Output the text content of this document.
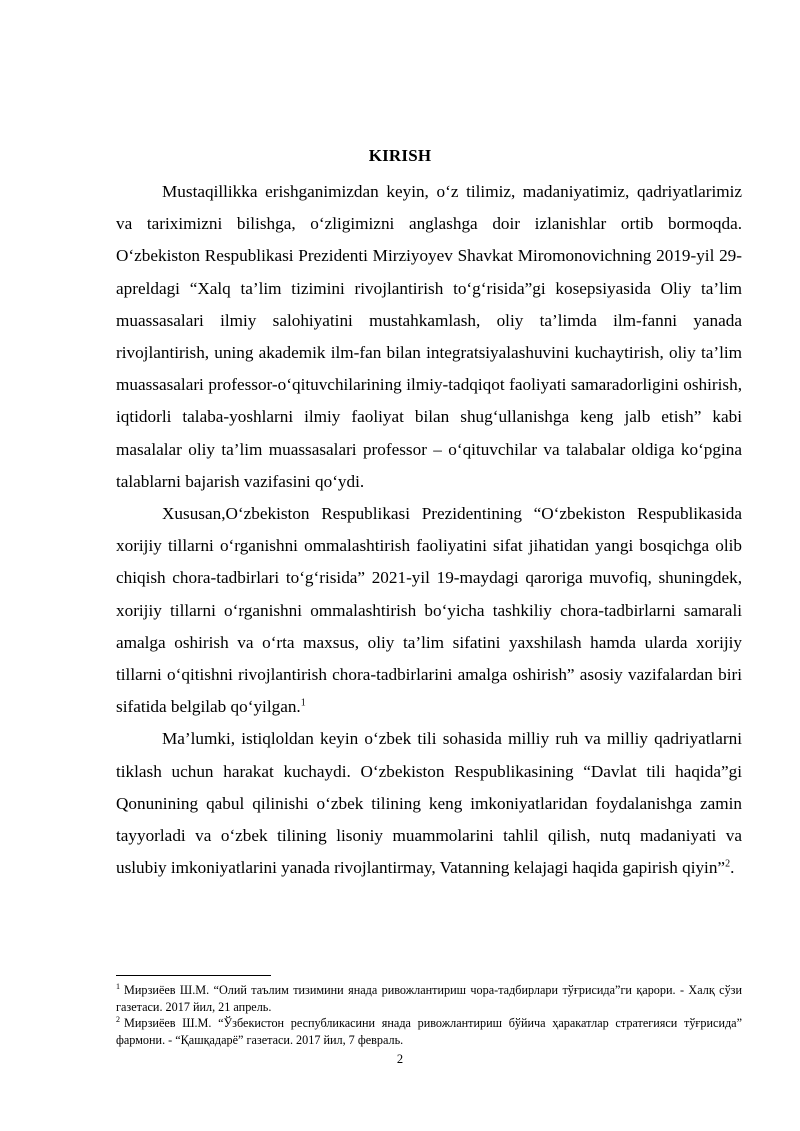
KIRISH

Mustaqillikka erishganimizdan keyin, o‘z tilimiz, madaniyatimiz, qadriyatlarimiz va tariximizni bilishga, o‘zligimizni anglashga doir izlanishlar ortib bormoqda. O‘zbekiston Respublikasi Prezidenti Mirziyoyev Shavkat Miromonovichning 2019-yil 29-apreldagi “Xalq ta’lim tizimini rivojlantirish to‘g‘risida”gi kosepsiyasida Oliy ta’lim muassasalari ilmiy salohiyatini mustahkamlash, oliy ta’limda ilm-fanni yanada rivojlantirish, uning akademik ilm-fan bilan integratsiyalashuvini kuchaytirish, oliy ta’lim muassasalari professor-o‘qituvchilarining ilmiy-tadqiqot faoliyati samaradorligini oshirish, iqtidorli talaba-yoshlarni ilmiy faoliyat bilan shug‘ullanishga keng jalb etish” kabi masalalar oliy ta’lim muassasalari professor – o‘qituvchilar va talabalar oldiga ko‘pgina talablarni bajarish vazifasini qo‘ydi.

Xususan,O‘zbekiston Respublikasi Prezidentining “O‘zbekiston Respublikasida xorijiy tillarni o‘rganishni ommalashtirish faoliyatini sifat jihatidan yangi bosqichga olib chiqish chora-tadbirlari to‘g‘risida” 2021-yil 19-maydagi qaroriga muvofiq, shuningdek, xorijiy tillarni o‘rganishni ommalashtirish bo‘yicha tashkiliy chora-tadbirlarni samarali amalga oshirish va o‘rta maxsus, oliy ta’lim sifatini yaxshilash hamda ularda xorijiy tillarni o‘qitishni rivojlantirish chora-tadbirlarini amalga oshirish” asosiy vazifalardan biri sifatida belgilab qo‘yilgan.$^1$

Ma’lumki, istiqloldan keyin o‘zbek tili sohasida milliy ruh va milliy qadriyatlarni tiklash uchun harakat kuchaydi. O‘zbekiston Respublikasining “Davlat tili haqida”gi Qonunining qabul qilinishi o‘zbek tilining keng imkoniyatlaridan foydalanishga zamin tayyorladi va o‘zbek tilining lisoniy muammolarini tahlil qilish, nutq madaniyati va uslubiy imkoniyatlarini yanada rivojlantirmay, Vatanning kelajagi haqida gapirish qiyin”$^2$.

$^1$ Мирзиёев Ш.М. “Олий таълим тизимини янада ривожлантириш чора-тадбирлари тўғрисида”ги қарори. - Халқ сўзи газетаси. 2017 йил, 21 апрель.

$^2$ Мирзиёев Ш.М. “Ўзбекистон республикасини янада ривожлантириш бўйича ҳаракатлар стратегияси тўғрисида” фармони. - “Қашқадарё” газетаси. 2017 йил, 7 февраль.

2
